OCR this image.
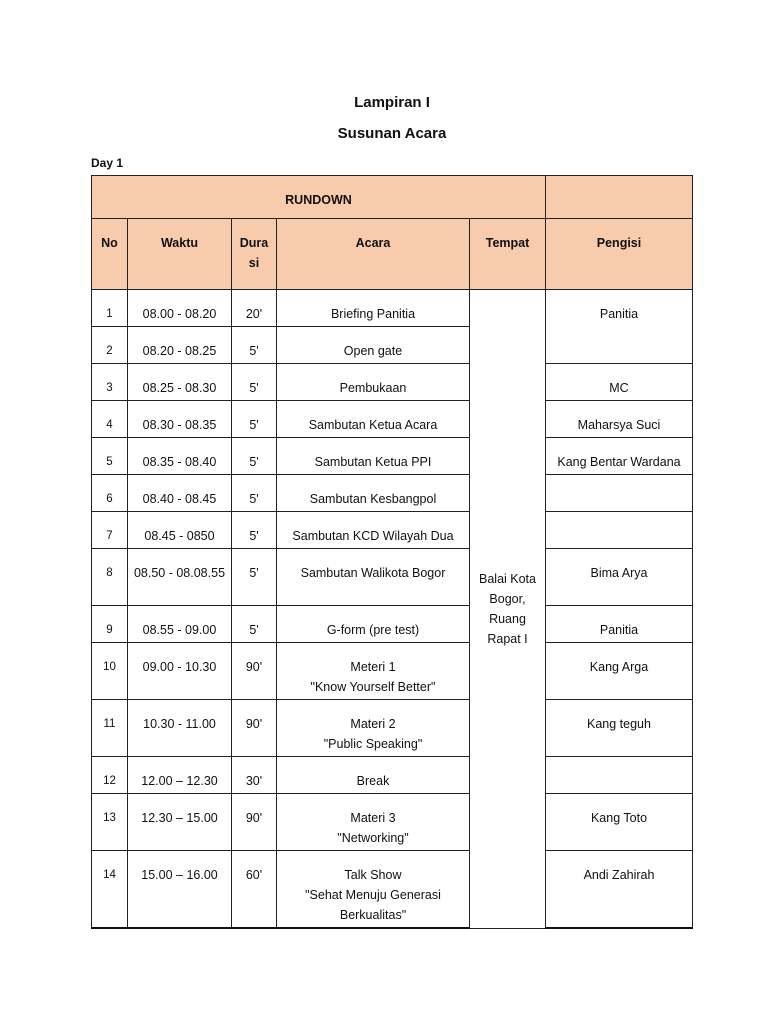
Lampiran I
Susunan Acara
Day 1
RUNDOWN					
No	Waktu	Dura si	Acara	Tempat	Pengisi
1	08.00 - 08.20	20'	Briefing Panitia	Balai Kota Bogor, Ruang Rapat I	Panitia
2	08.20 - 08.25	5'	Open gate		

3	08.25 - 08.30	5'	Pembukaan		MC
4	08.30 - 08.35	5'	Sambutan Ketua Acara		Maharsya Suci
5	08.35 - 08.40	5'	Sambutan Ketua PPI		Kang Bentar Wardana
6	08.40 - 08.45	5'	Sambutan Kesbangpol		

7	08.45 - 0850	5'	Sambutan KCD Wilayah Dua		

8	08.50 - 08.08.55	5'	Sambutan Walikota Bogor		Bima Arya
9	08.55 - 09.00	5'	G-form (pre test)		Panitia
10	09.00 - 10.30	90'	Meteri 1
"Know Yourself Better"		Kang Arga
11	10.30 - 11.00	90'	Materi 2
"Public Speaking"		Kang teguh
12	12.00 – 12.30	30'	Break		

13	12.30 – 15.00	90'	Materi 3
"Networking"		Kang Toto
14	15.00 – 16.00	60'	Talk Show
"Sehat Menuju Generasi
Berkualitas"		Andi Zahirah
